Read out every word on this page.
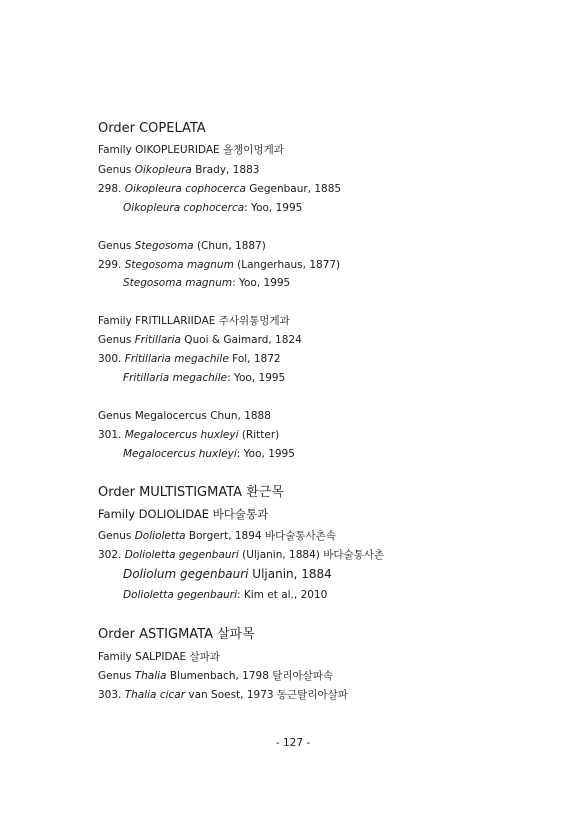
Order COPELATA
Family OIKOPLEURIDAE 올챙이멍게과
Genus Oikopleura Brady, 1883
298. Oikopleura cophocerca Gegenbaur, 1885
Oikopleura cophocerca: Yoo, 1995
Genus Stegosoma (Chun, 1887)
299. Stegosoma magnum (Langerhaus, 1877)
Stegosoma magnum: Yoo, 1995
Family FRITILLARIIDAE 주사위통멍게과
Genus Fritillaria Quoi & Gaimard, 1824
300. Fritillaria megachile Fol, 1872
Fritillaria megachile: Yoo, 1995
Genus Megalocercus Chun, 1888
301. Megalocercus huxleyi (Ritter)
Megalocercus huxleyi: Yoo, 1995
Order MULTISTIGMATA 환근목
Family DOLIOLIDAE 바다술통과
Genus Dolioletta Borgert, 1894 바다술통사촌속
302. Dolioletta gegenbauri (Uljanin, 1884) 바다술통사촌
Doliolum gegenbauri Uljanin, 1884
Dolioletta gegenbauri: Kim et al., 2010
Order ASTIGMATA 살파목
Family SALPIDAE 살파과
Genus Thalia Blumenbach, 1798 탈리아살파속
303. Thalia cicar van Soest, 1973 동근탈리아살파
- 127 -
